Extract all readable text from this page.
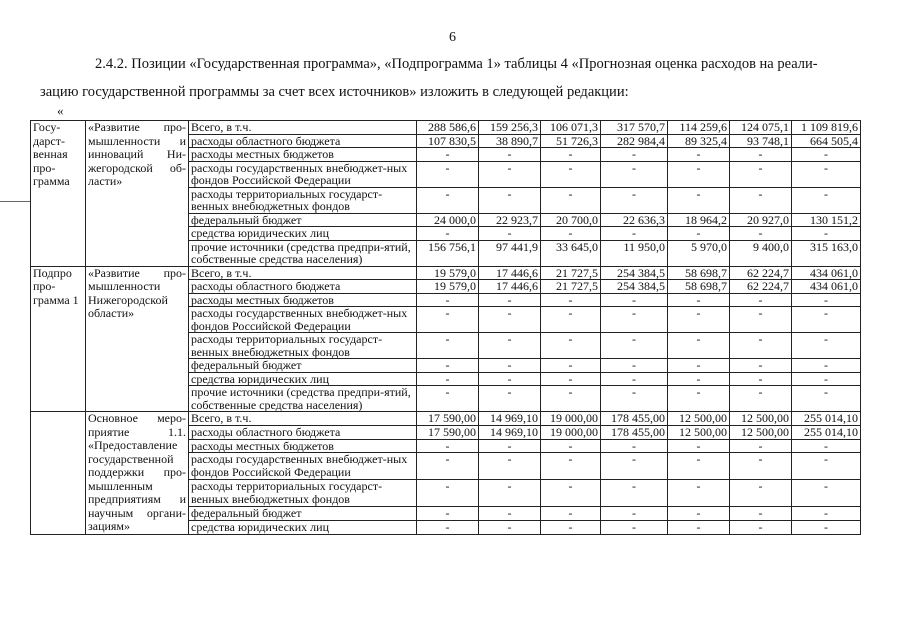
6
2.4.2. Позиции «Государственная программа», «Подпрограмма 1» таблицы 4 «Прогнозная оценка расходов на реали-
зацию государственной программы за счет всех источников» изложить в следующей редакции:
«
Госу-дарст-венная про-грамма	«Развитие про-мышленности и инноваций Ни-жегородской об-ласти»	Всего, в т.ч.	288 586,6	159 256,3	106 071,3	317 570,7	114 259,6	124 075,1	1 109 819,6
		расходы областного бюджета	107 830,5	38 890,7	51 726,3	282 984,4	89 325,4	93 748,1	664 505,4
		расходы местных бюджетов	-	-	-	-	-	-	-
		расходы государственных внебюджет-ных фондов Российской Федерации	-	-	-	-	-	-	-
		расходы территориальных государст-венных внебюджетных фондов	-	-	-	-	-	-	-
		федеральный бюджет	24 000,0	22 923,7	20 700,0	22 636,3	18 964,2	20 927,0	130 151,2
		средства юридических лиц	-	-	-	-	-	-	-
		прочие источники (средства предпри-ятий, собственные средства населения)	156 756,1	97 441,9	33 645,0	11 950,0	5 970,0	9 400,0	315 163,0
Подпро про-грамма 1	«Развитие про-мышленности Нижегородской области»	Всего, в т.ч.	19 579,0	17 446,6	21 727,5	254 384,5	58 698,7	62 224,7	434 061,0
		расходы областного бюджета	19 579,0	17 446,6	21 727,5	254 384,5	58 698,7	62 224,7	434 061,0
		расходы местных бюджетов	-	-	-	-	-	-	-
		расходы государственных внебюджет-ных фондов Российской Федерации	-	-	-	-	-	-	-
		расходы территориальных государст-венных внебюджетных фондов	-	-	-	-	-	-	-
		федеральный бюджет	-	-	-	-	-	-	-
		средства юридических лиц	-	-	-	-	-	-	-
		прочие источники (средства предпри-ятий, собственные средства населения)	-	-	-	-	-	-	-
	Основное меро-приятие 1.1. «Предоставление государственной поддержки про-мышленным предприятиям и научным органи-зациям»	Всего, в т.ч.	17 590,00	14 969,10	19 000,00	178 455,00	12 500,00	12 500,00	255 014,10
		расходы областного бюджета	17 590,00	14 969,10	19 000,00	178 455,00	12 500,00	12 500,00	255 014,10
		расходы местных бюджетов	-	-	-	-	-	-	-
		расходы государственных внебюджет-ных фондов Российской Федерации	-	-	-	-	-	-	-
		расходы территориальных государст-венных внебюджетных фондов	-	-	-	-	-	-	-
		федеральный бюджет	-	-	-	-	-	-	-
		средства юридических лиц	-	-	-	-	-	-	-
